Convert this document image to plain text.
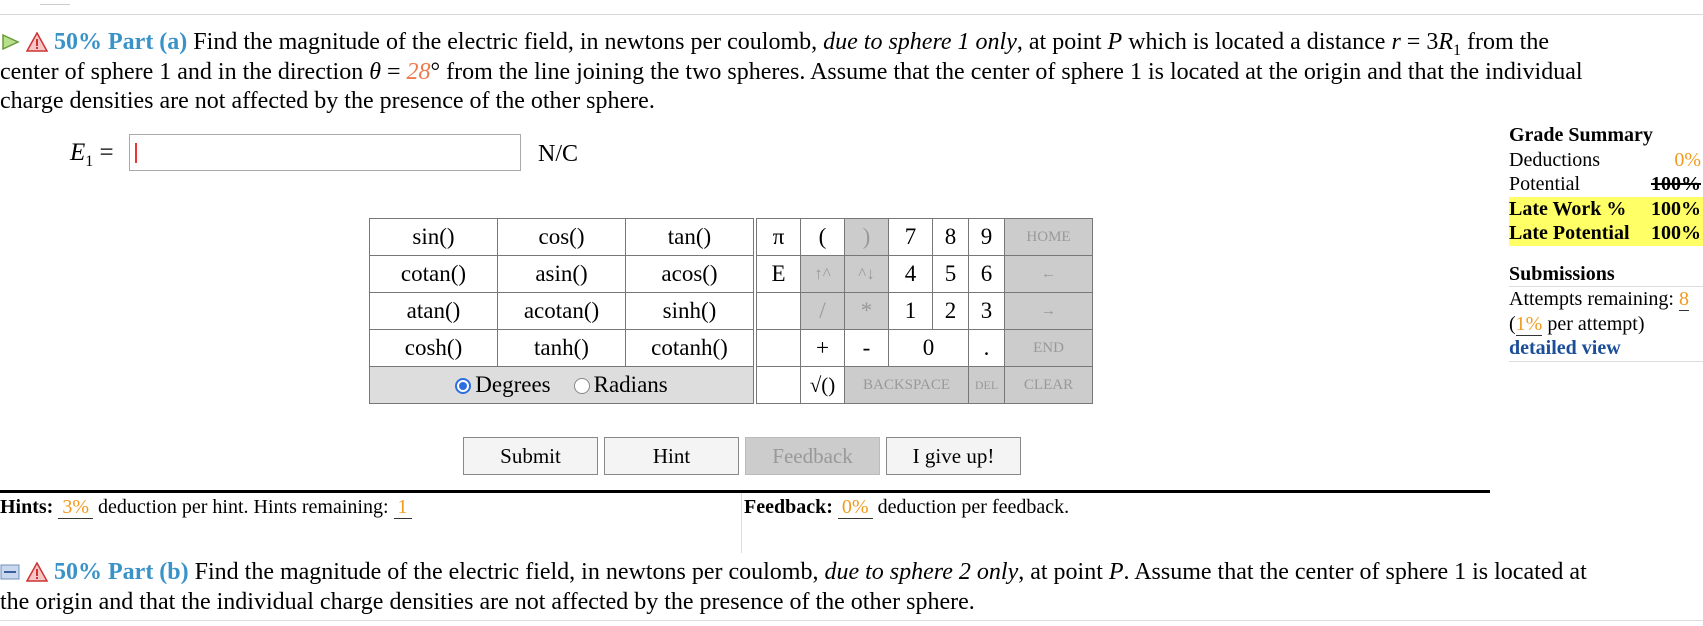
50% Part (a) Find the magnitude of the electric field, in newtons per coulomb, due to sphere 1 only, at point P which is located a distance $r = 3R_1$ from the
center of sphere 1 and in the direction θ = 28° from the line joining the two spheres. Assume that the center of sphere 1 is located at the origin and that the individual
charge densities are not affected by the presence of the other sphere.
$E_1$ =	N/C
sin()	cos()	tan()
cotan()	asin()	acos()
atan()	acotan()	sinh()
cosh()	tanh()	cotanh()
Degrees Radians		
π	(	)	7	8	9	HOME
E	↑^	^↓	4	5	6	←
	/	*	1	2	3	→
	+	-	0		.	END
	√()	BACKSPACE			DEL	CLEAR
Submit	Hint	Feedback	I give up!
Hints: 3% deduction per hint. Hints remaining: 1	Feedback: 0% deduction per feedback.
Grade Summary
Deductions	0%
Potential	100%
Late Work % 100%
Late Potential 100%
Submissions
Attempts remaining: 8
(1% per attempt)
detailed view
50% Part (b) Find the magnitude of the electric field, in newtons per coulomb, due to sphere 2 only, at point P. Assume that the center of sphere 1 is located at
the origin and that the individual charge densities are not affected by the presence of the other sphere.
